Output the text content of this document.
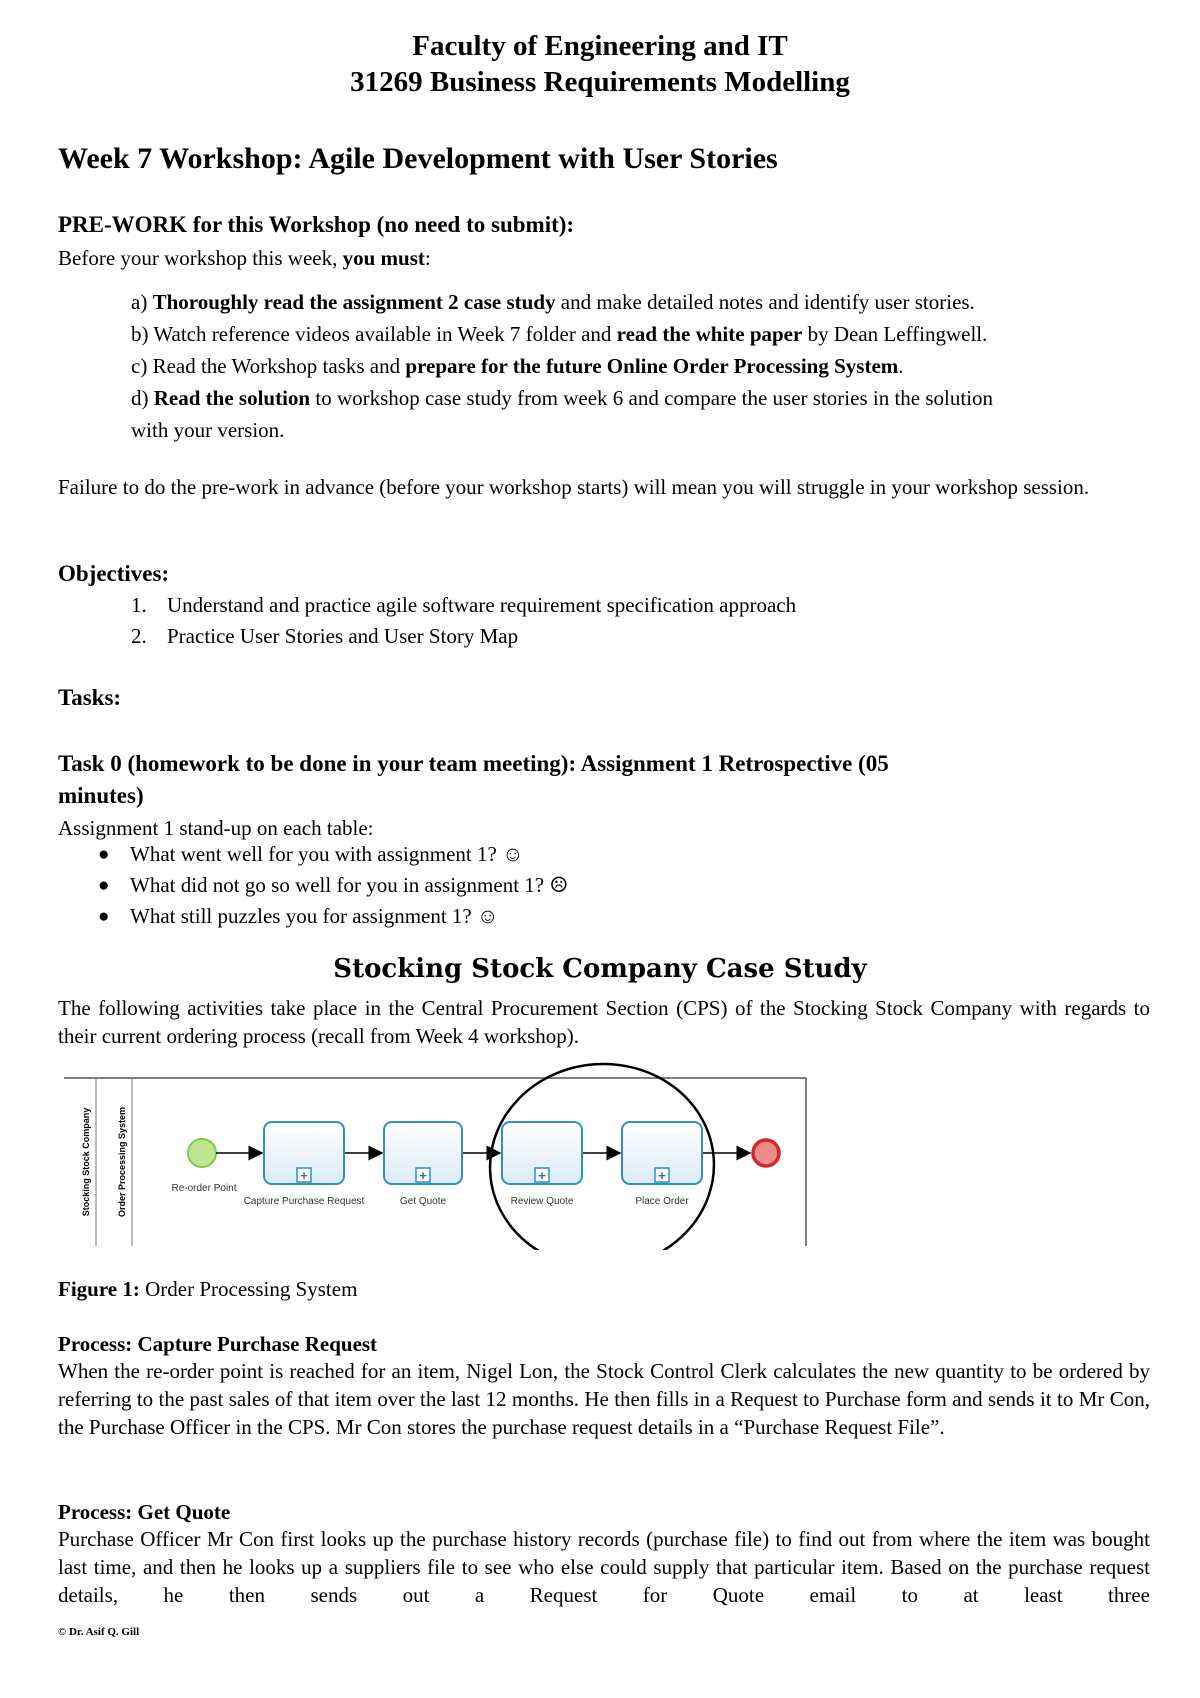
Faculty of Engineering and IT
31269 Business Requirements Modelling
Week 7 Workshop: Agile Development with User Stories
PRE-WORK for this Workshop (no need to submit):
Before your workshop this week, you must:
a) Thoroughly read the assignment 2 case study and make detailed notes and identify user stories.
b) Watch reference videos available in Week 7 folder and read the white paper by Dean Leffingwell.
c) Read the Workshop tasks and prepare for the future Online Order Processing System.
d) Read the solution to workshop case study from week 6 and compare the user stories in the solution
with your version.
Failure to do the pre-work in advance (before your workshop starts) will mean you will struggle in your workshop session.
Objectives:
1. Understand and practice agile software requirement specification approach
2. Practice User Stories and User Story Map
Tasks:
Task 0 (homework to be done in your team meeting): Assignment 1 Retrospective (05
minutes)
Assignment 1 stand-up on each table:
● What went well for you with assignment 1? ☺
● What did not go so well for you in assignment 1? ☹
● What still puzzles you for assignment 1? ☺
Stocking Stock Company Case Study
The following activities take place in the Central Procurement Section (CPS) of the Stocking Stock Company with regards to their current ordering process (recall from Week 4 workshop).
Stocking Stock Company	Order Processing System	Re-order Point
+
Capture Purchase Request
+
Get Quote
+
Review Quote
+
Place Order
Figure 1: Order Processing System
Process: Capture Purchase Request
When the re-order point is reached for an item, Nigel Lon, the Stock Control Clerk calculates the new quantity to be ordered by referring to the past sales of that item over the last 12 months. He then fills in a Request to Purchase form and sends it to Mr Con, the Purchase Officer in the CPS. Mr Con stores the purchase request details in a “Purchase Request File”.
Process: Get Quote
Purchase Officer Mr Con first looks up the purchase history records (purchase file) to find out from where the item was bought last time, and then he looks up a suppliers file to see who else could supply that particular item. Based on the purchase request details, he then sends out a Request for Quote email to at least three
© Dr. Asif Q. Gill
